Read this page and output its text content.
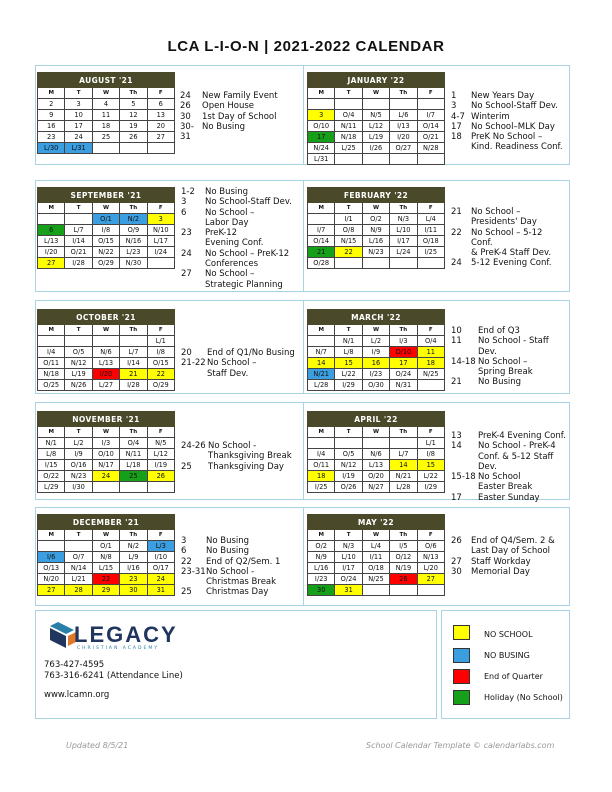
LCA L-I-O-N | 2021-2022 CALENDAR
AUGUST '21				
M	T	W	Th	F
2	3	4	5	6
9	10	11	12	13
16	17	18	19	20
23	24	25	26	27
L/30	L/31			
JANUARY '22				
M	T	W	Th	F

3	O/4	N/5	L/6	I/7
O/10	N/11	L/12	I/13	O/14
17	N/18	L/19	I/20	O/21
N/24	L/25	I/26	O/27	N/28
L/31				
SEPTEMBER '21				
M	T	W	Th	F
		O/1	N/2	3
6	L/7	I/8	O/9	N/10
L/13	I/14	O/15	N/16	L/17
I/20	O/21	N/22	L/23	I/24
27	I/28	O/29	N/30	
FEBRUARY '22				
M	T	W	Th	F
	I/1	O/2	N/3	L/4
I/7	O/8	N/9	L/10	I/11
O/14	N/15	L/16	I/17	O/18
21	22	N/23	L/24	I/25
O/28				
OCTOBER '21				
M	T	W	Th	F
				L/1
I/4	O/5	N/6	L/7	I/8
O/11	N/12	L/13	I/14	O/15
N/18	L/19	I/20	21	22
O/25	N/26	L/27	I/28	O/29
MARCH '22				
M	T	W	Th	F
	N/1	L/2	I/3	O/4
N/7	L/8	I/9	O/10	11
14	15	16	17	18
N/21	L/22	I/23	O/24	N/25
L/28	I/29	O/30	N/31	
NOVEMBER '21				
M	T	W	Th	F
N/1	L/2	I/3	O/4	N/5
L/8	I/9	O/10	N/11	L/12
I/15	O/16	N/17	L/18	I/19
O/22	N/23	24	25	26
L/29	I/30			
APRIL '22				
M	T	W	Th	F
				L/1
I/4	O/5	N/6	L/7	I/8
O/11	N/12	L/13	14	15
18	I/19	O/20	N/21	L/22
I/25	O/26	N/27	L/28	I/29
DECEMBER '21				
M	T	W	Th	F
		O/1	N/2	L/3
I/6	O/7	N/8	L/9	I/10
O/13	N/14	L/15	I/16	O/17
N/20	L/21	22	23	24
27	28	29	30	31
MAY '22				
M	T	W	Th	F
O/2	N/3	L/4	I/5	O/6
N/9	L/10	I/11	O/12	N/13
L/16	I/17	O/18	N/19	L/20
I/23	O/24	N/25	26	27
30	31			
24	New Family Event
26	Open House
30	1st Day of School
30-31
No Busing
1	New Years Day
3	No School-Staff Dev.
4-7 Winterim
17	No School–MLK Day
18	PreK No School –
Kind. Readiness Conf.
1-2	No Busing
3	No School-Staff Dev.
6	No School –
Labor Day
23	PreK-12
Evening Conf.
24	No School – PreK-12
Conferences
27	No School –
Strategic Planning
21	No School –
Presidents' Day
22	No School – 5-12 Conf.
& PreK-4 Staff Dev.
24	5-12 Evening Conf.
20	End of Q1/No Busing
21-22 No School –
Staff Dev.
10	End of Q3
11	No School - Staff Dev.
14-18 No School –
Spring Break
21	No Busing
24-26 No School -
Thanksgiving Break
25	Thanksgiving Day
13	PreK-4 Evening Conf.
14	No School - PreK-4
Conf. & 5-12 Staff Dev.
15-18 No School
Easter Break
17	Easter Sunday
3	No Busing
6	No Busing
22	End of Q2/Sem. 1
23-31 No School -
Christmas Break
25	Christmas Day
26	End of Q4/Sem. 2 &
Last Day of School
27	Staff Workday
30	Memorial Day
LEGACY
CHRISTIAN ACADEMY
763-427-4595
763-316-6241 (Attendance Line)
www.lcamn.org
NO SCHOOL
NO BUSING
End of Quarter
Holiday (No School)
Updated 8/5/21	School Calendar Template © calendarlabs.com
